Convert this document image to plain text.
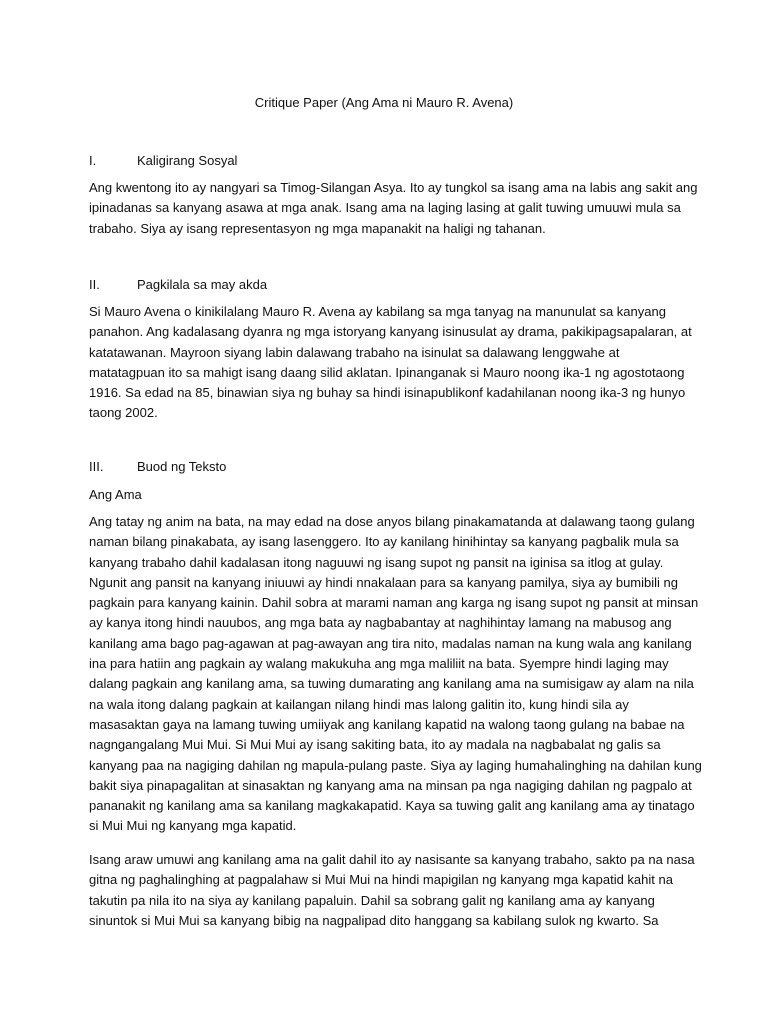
Critique Paper (Ang Ama ni Mauro R. Avena)
I.	Kaligirang Sosyal
Ang kwentong ito ay nangyari sa Timog-Silangan Asya. Ito ay tungkol sa isang ama na labis ang sakit ang
ipinadanas sa kanyang asawa at mga anak. Isang ama na laging lasing at galit tuwing umuuwi mula sa
trabaho. Siya ay isang representasyon ng mga mapanakit na haligi ng tahanan.
II.	Pagkilala sa may akda
Si Mauro Avena o kinikilalang Mauro R. Avena ay kabilang sa mga tanyag na manunulat sa kanyang
panahon. Ang kadalasang dyanra ng mga istoryang kanyang isinusulat ay drama, pakikipagsapalaran, at
katatawanan. Mayroon siyang labin dalawang trabaho na isinulat sa dalawang lenggwahe at
matatagpuan ito sa mahigt isang daang silid aklatan. Ipinanganak si Mauro noong ika-1 ng agostotaong
1916. Sa edad na 85, binawian siya ng buhay sa hindi isinapublikonf kadahilanan noong ika-3 ng hunyo
taong 2002.
III.	Buod ng Teksto
Ang Ama
Ang tatay ng anim na bata, na may edad na dose anyos bilang pinakamatanda at dalawang taong gulang
naman bilang pinakabata, ay isang lasenggero. Ito ay kanilang hinihintay sa kanyang pagbalik mula sa
kanyang trabaho dahil kadalasan itong naguuwi ng isang supot ng pansit na iginisa sa itlog at gulay.
Ngunit ang pansit na kanyang iniuuwi ay hindi nnakalaan para sa kanyang pamilya, siya ay bumibili ng
pagkain para kanyang kainin. Dahil sobra at marami naman ang karga ng isang supot ng pansit at minsan
ay kanya itong hindi nauubos, ang mga bata ay nagbabantay at naghihintay lamang na mabusog ang
kanilang ama bago pag-agawan at pag-awayan ang tira nito, madalas naman na kung wala ang kanilang
ina para hatiin ang pagkain ay walang makukuha ang mga maliliit na bata. Syempre hindi laging may
dalang pagkain ang kanilang ama, sa tuwing dumarating ang kanilang ama na sumisigaw ay alam na nila
na wala itong dalang pagkain at kailangan nilang hindi mas lalong galitin ito, kung hindi sila ay
masasaktan gaya na lamang tuwing umiiyak ang kanilang kapatid na walong taong gulang na babae na
nagngangalang Mui Mui. Si Mui Mui ay isang sakiting bata, ito ay madala na nagbabalat ng galis sa
kanyang paa na nagiging dahilan ng mapula-pulang paste. Siya ay laging humahalinghing na dahilan kung
bakit siya pinapagalitan at sinasaktan ng kanyang ama na minsan pa nga nagiging dahilan ng pagpalo at
pananakit ng kanilang ama sa kanilang magkakapatid. Kaya sa tuwing galit ang kanilang ama ay tinatago
si Mui Mui ng kanyang mga kapatid.
Isang araw umuwi ang kanilang ama na galit dahil ito ay nasisante sa kanyang trabaho, sakto pa na nasa
gitna ng paghalinghing at pagpalahaw si Mui Mui na hindi mapigilan ng kanyang mga kapatid kahit na
takutin pa nila ito na siya ay kanilang papaluin. Dahil sa sobrang galit ng kanilang ama ay kanyang
sinuntok si Mui Mui sa kanyang bibig na nagpalipad dito hanggang sa kabilang sulok ng kwarto. Sa
